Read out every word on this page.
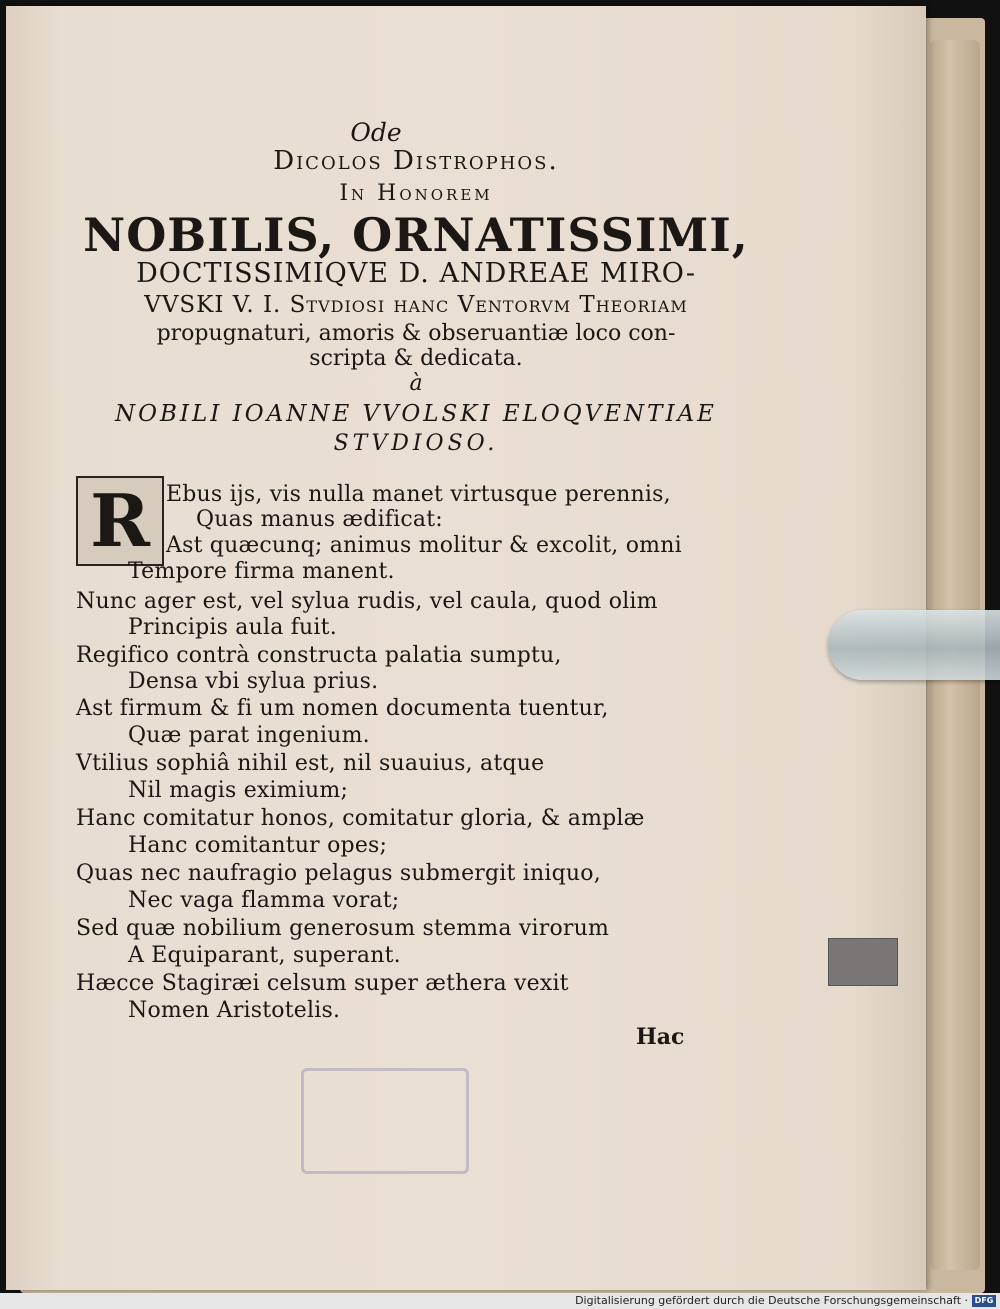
Ode
Dicolos Distrophos.
In Honorem
NOBILIS, ORNATISSIMI,
DOCTISSIMIQVE D. ANDREAE MIRO-
VVSKI V. I. Stvdiosi hanc Ventorvm Theoriam
propugnaturi, amoris & obseruantiæ loco con-
scripta & dedicata.
à
NOBILI IOANNE VVOLSKI ELOQVENTIAE
STVDIOSO.
R Ebus ijs, vis nulla manet virtusque perennis,
Quas manus ædificat:
Ast quæcunq; animus molitur & excolit, omni
Tempore firma manent.
Nunc ager est, vel sylua rudis, vel caula, quod olim
Principis aula fuit.
Regifico contrà constructa palatia sumptu,
Densa vbi sylua prius.
Ast firmum & fi um nomen documenta tuentur,
Quæ parat ingenium.
Vtilius sophiâ nihil est, nil suauius, atque
Nil magis eximium;
Hanc comitatur honos, comitatur gloria, & amplæ
Hanc comitantur opes;
Quas nec naufragio pelagus submergit iniquo,
Nec vaga flamma vorat;
Sed quæ nobilium generosum stemma virorum
A Equiparant, superant.
Hæcce Stagiræi celsum super æthera vexit
Nomen Aristotelis.
Hac
Digitalisierung gefördert durch die Deutsche Forschungsgemeinschaft · DFG
